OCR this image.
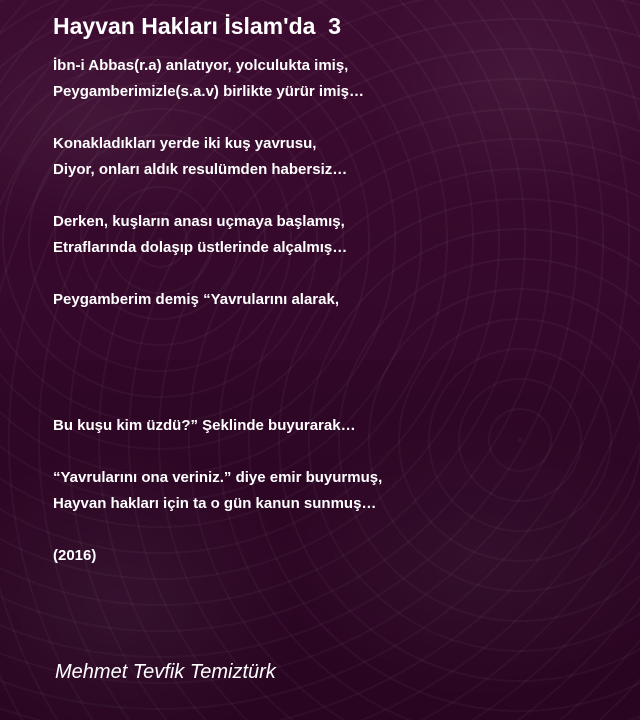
Hayvan Hakları İslam'da  3

İbn-i Abbas(r.a) anlatıyor, yolculukta imiş,

Peygamberimizle(s.a.v) birlikte yürür imiş…

Konakladıkları yerde iki kuş yavrusu,

Diyor, onları aldık resulümden habersiz…

Derken, kuşların anası uçmaya başlamış,

Etraflarında dolaşıp üstlerinde alçalmış…

Peygamberim demiş “Yavrularını alarak,

Bu kuşu kim üzdü?” Şeklinde buyurarak…

“Yavrularını ona veriniz.” diye emir buyurmuş,

Hayvan hakları için ta o gün kanun sunmuş…

(2016)

Mehmet Tevfik Temiztürk
